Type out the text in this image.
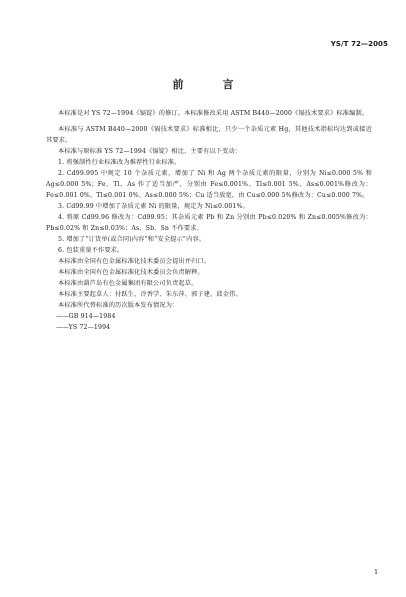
YS/T 72—2005
前　言

本标准是对 YS 72—1994《镉锭》的修订。本标准修改采用 ASTM B440—2000《镉技术要求》标准编制。

本标准与 ASTM B440—2000《镉技术要求》标准相比，只少一个杂质元素 Hg，其他技术指标均达到或接近其要求。

本标准与原标准 YS 72—1994《镉锭》相比，主要有以下变动：

1. 将强制性行业标准改为推荐性行业标准。

2. Cd99.995 中规定 10 个杂质元素，增加了 Ni 和 Ag 两个杂质元素的限量，分别为 Ni≤0.000 5% 和 Ag≤0.000 5%；Fe、Tl、As 作了适当加严，分别由 Fe≤0.001%、Tl≤0.001 5%、As≤0.001%修改为：Fe≤0.001 0%、Tl≤0.001 0%、As≤0.000 5%；Cu 适当放宽，由 Cu≤0.000 5%修改为：Cu≤0.000 7%。

3. Cd99.99 中增加了杂质元素 Ni 的限量，规定为 Ni≤0.001%。

4. 将原 Cd99.96 修改为：Cd99.95；其杂质元素 Pb 和 Zn 分别由 Pb≤0.020% 和 Zn≤0.005%修改为：Pb≤0.02% 和 Zn≤0.03%；As、Sb、Sn 不作要求。

5. 增加了“订货单(或合同)内容”和“安全提示”内容。

6. 包装重量不作要求。

本标准由全国有色金属标准化技术委员会提出并归口。

本标准由全国有色金属标准化技术委员会负责解释。

本标准由葫芦岛有色金属集团有限公司负责起草。

本标准主要起草人：付跃生、冷香学、朱东萍、郭子建、邱金伟。

本标准所代替标准的历次版本发布情况为：

——GB 914—1984

——YS 72—1994

1
